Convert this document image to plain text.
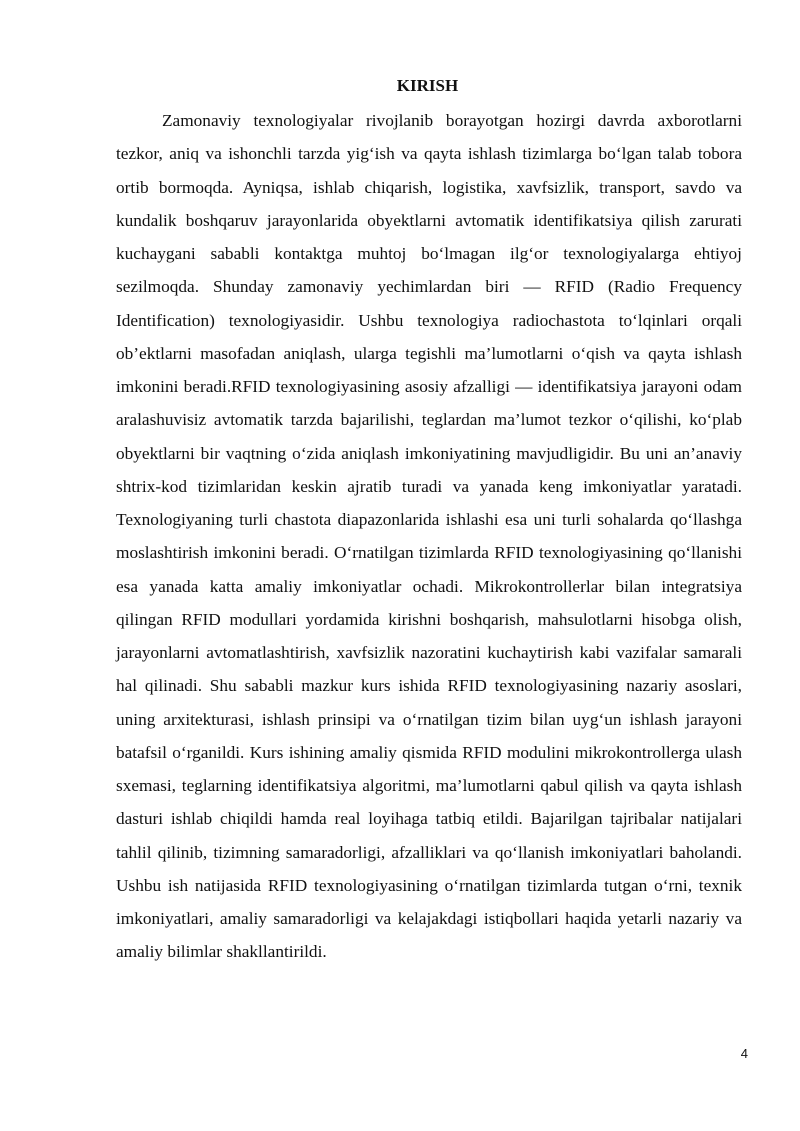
KIRISH

Zamonaviy texnologiyalar rivojlanib borayotgan hozirgi davrda axborotlarni tezkor, aniq va ishonchli tarzda yig‘ish va qayta ishlash tizimlarga bo‘lgan talab tobora ortib bormoqda. Ayniqsa, ishlab chiqarish, logistika, xavfsizlik, transport, savdo va kundalik boshqaruv jarayonlarida obyektlarni avtomatik identifikatsiya qilish zarurati kuchaygani sababli kontaktga muhtoj bo‘lmagan ilg‘or texnologiyalarga ehtiyoj sezilmoqda. Shunday zamonaviy yechimlardan biri — RFID (Radio Frequency Identification) texnologiyasidir. Ushbu texnologiya radiochastota to‘lqinlari orqali ob’ektlarni masofadan aniqlash, ularga tegishli ma’lumotlarni o‘qish va qayta ishlash imkonini beradi.RFID texnologiyasining asosiy afzalligi — identifikatsiya jarayoni odam aralashuvisiz avtomatik tarzda bajarilishi, teglardan ma’lumot tezkor o‘qilishi, ko‘plab obyektlarni bir vaqtning o‘zida aniqlash imkoniyatining mavjudligidir. Bu uni an’anaviy shtrix-kod tizimlaridan keskin ajratib turadi va yanada keng imkoniyatlar yaratadi. Texnologiyaning turli chastota diapazonlarida ishlashi esa uni turli sohalarda qo‘llashga moslashtirish imkonini beradi. O‘rnatilgan tizimlarda RFID texnologiyasining qo‘llanishi esa yanada katta amaliy imkoniyatlar ochadi. Mikrokontrollerlar bilan integratsiya qilingan RFID modullari yordamida kirishni boshqarish, mahsulotlarni hisobga olish, jarayonlarni avtomatlashtirish, xavfsizlik nazoratini kuchaytirish kabi vazifalar samarali hal qilinadi. Shu sababli mazkur kurs ishida RFID texnologiyasining nazariy asoslari, uning arxitekturasi, ishlash prinsipi va o‘rnatilgan tizim bilan uyg‘un ishlash jarayoni batafsil o‘rganildi. Kurs ishining amaliy qismida RFID modulini mikrokontrollerga ulash sxemasi, teglarning identifikatsiya algoritmi, ma’lumotlarni qabul qilish va qayta ishlash dasturi ishlab chiqildi hamda real loyihaga tatbiq etildi. Bajarilgan tajribalar natijalari tahlil qilinib, tizimning samaradorligi, afzalliklari va qo‘llanish imkoniyatlari baholandi. Ushbu ish natijasida RFID texnologiyasining o‘rnatilgan tizimlarda tutgan o‘rni, texnik imkoniyatlari, amaliy samaradorligi va kelajakdagi istiqbollari haqida yetarli nazariy va amaliy bilimlar shakllantirildi.

4
